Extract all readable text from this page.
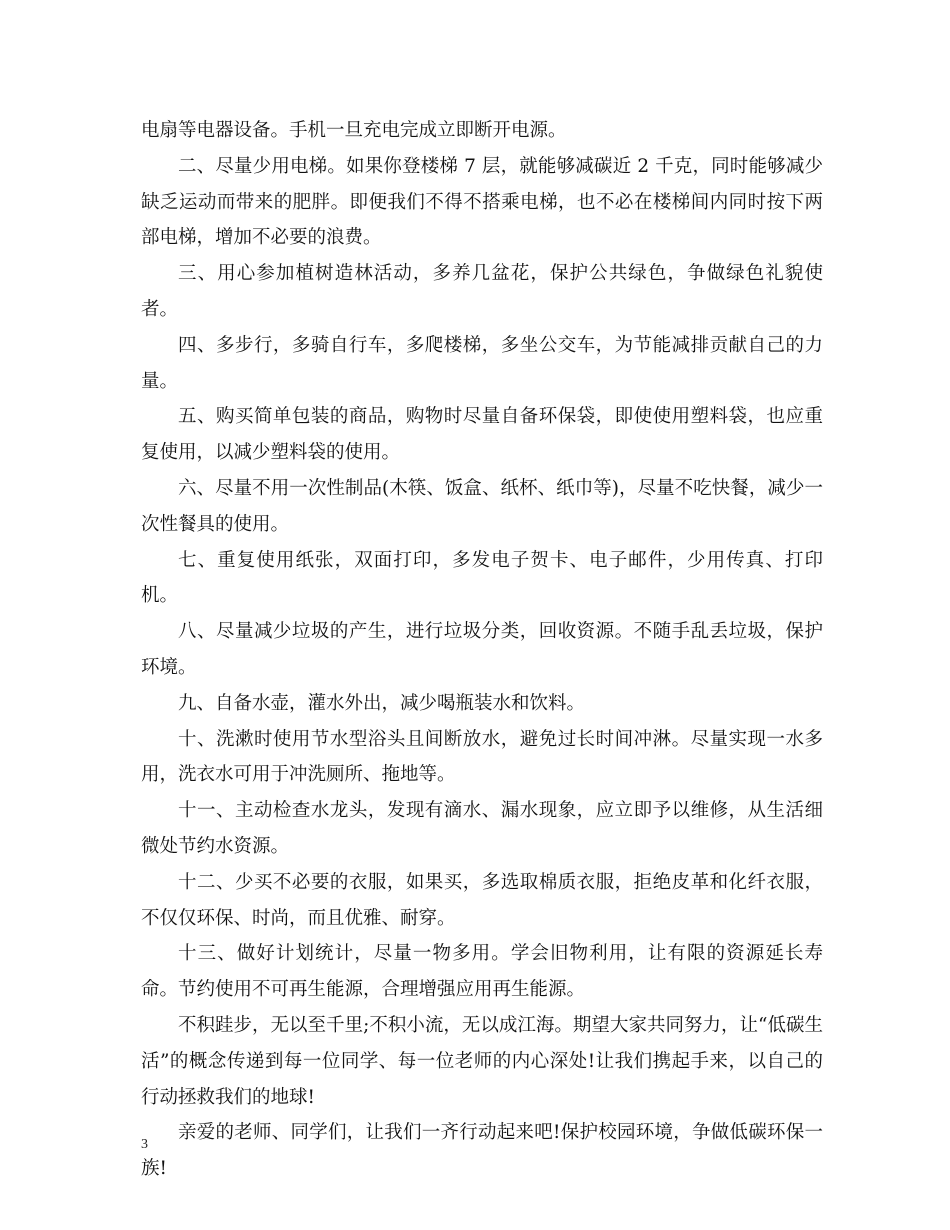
电扇等电器设备。手机一旦充电完成立即断开电源。

二、尽量少用电梯。如果你登楼梯 7 层，就能够减碳近 2 千克，同时能够减少缺乏运动而带来的肥胖。即便我们不得不搭乘电梯，也不必在楼梯间内同时按下两部电梯，增加不必要的浪费。

三、用心参加植树造林活动，多养几盆花，保护公共绿色，争做绿色礼貌使者。

四、多步行，多骑自行车，多爬楼梯，多坐公交车，为节能减排贡献自己的力量。

五、购买简单包装的商品，购物时尽量自备环保袋，即使使用塑料袋，也应重复使用，以减少塑料袋的使用。

六、尽量不用一次性制品(木筷、饭盒、纸杯、纸巾等)，尽量不吃快餐，减少一次性餐具的使用。

七、重复使用纸张，双面打印，多发电子贺卡、电子邮件，少用传真、打印机。

八、尽量减少垃圾的产生，进行垃圾分类，回收资源。不随手乱丢垃圾，保护环境。

九、自备水壶，灌水外出，减少喝瓶装水和饮料。

十、洗漱时使用节水型浴头且间断放水，避免过长时间冲淋。尽量实现一水多用，洗衣水可用于冲洗厕所、拖地等。

十一、主动检查水龙头，发现有滴水、漏水现象，应立即予以维修，从生活细微处节约水资源。

十二、少买不必要的衣服，如果买，多选取棉质衣服，拒绝皮革和化纤衣服，不仅仅环保、时尚，而且优雅、耐穿。

十三、做好计划统计，尽量一物多用。学会旧物利用，让有限的资源延长寿命。节约使用不可再生能源，合理增强应用再生能源。

不积跬步，无以至千里;不积小流，无以成江海。期望大家共同努力，让“低碳生活”的概念传递到每一位同学、每一位老师的内心深处!让我们携起手来，以自己的行动拯救我们的地球!

亲爱的老师、同学们，让我们一齐行动起来吧!保护校园环境，争做低碳环保一族!

3
